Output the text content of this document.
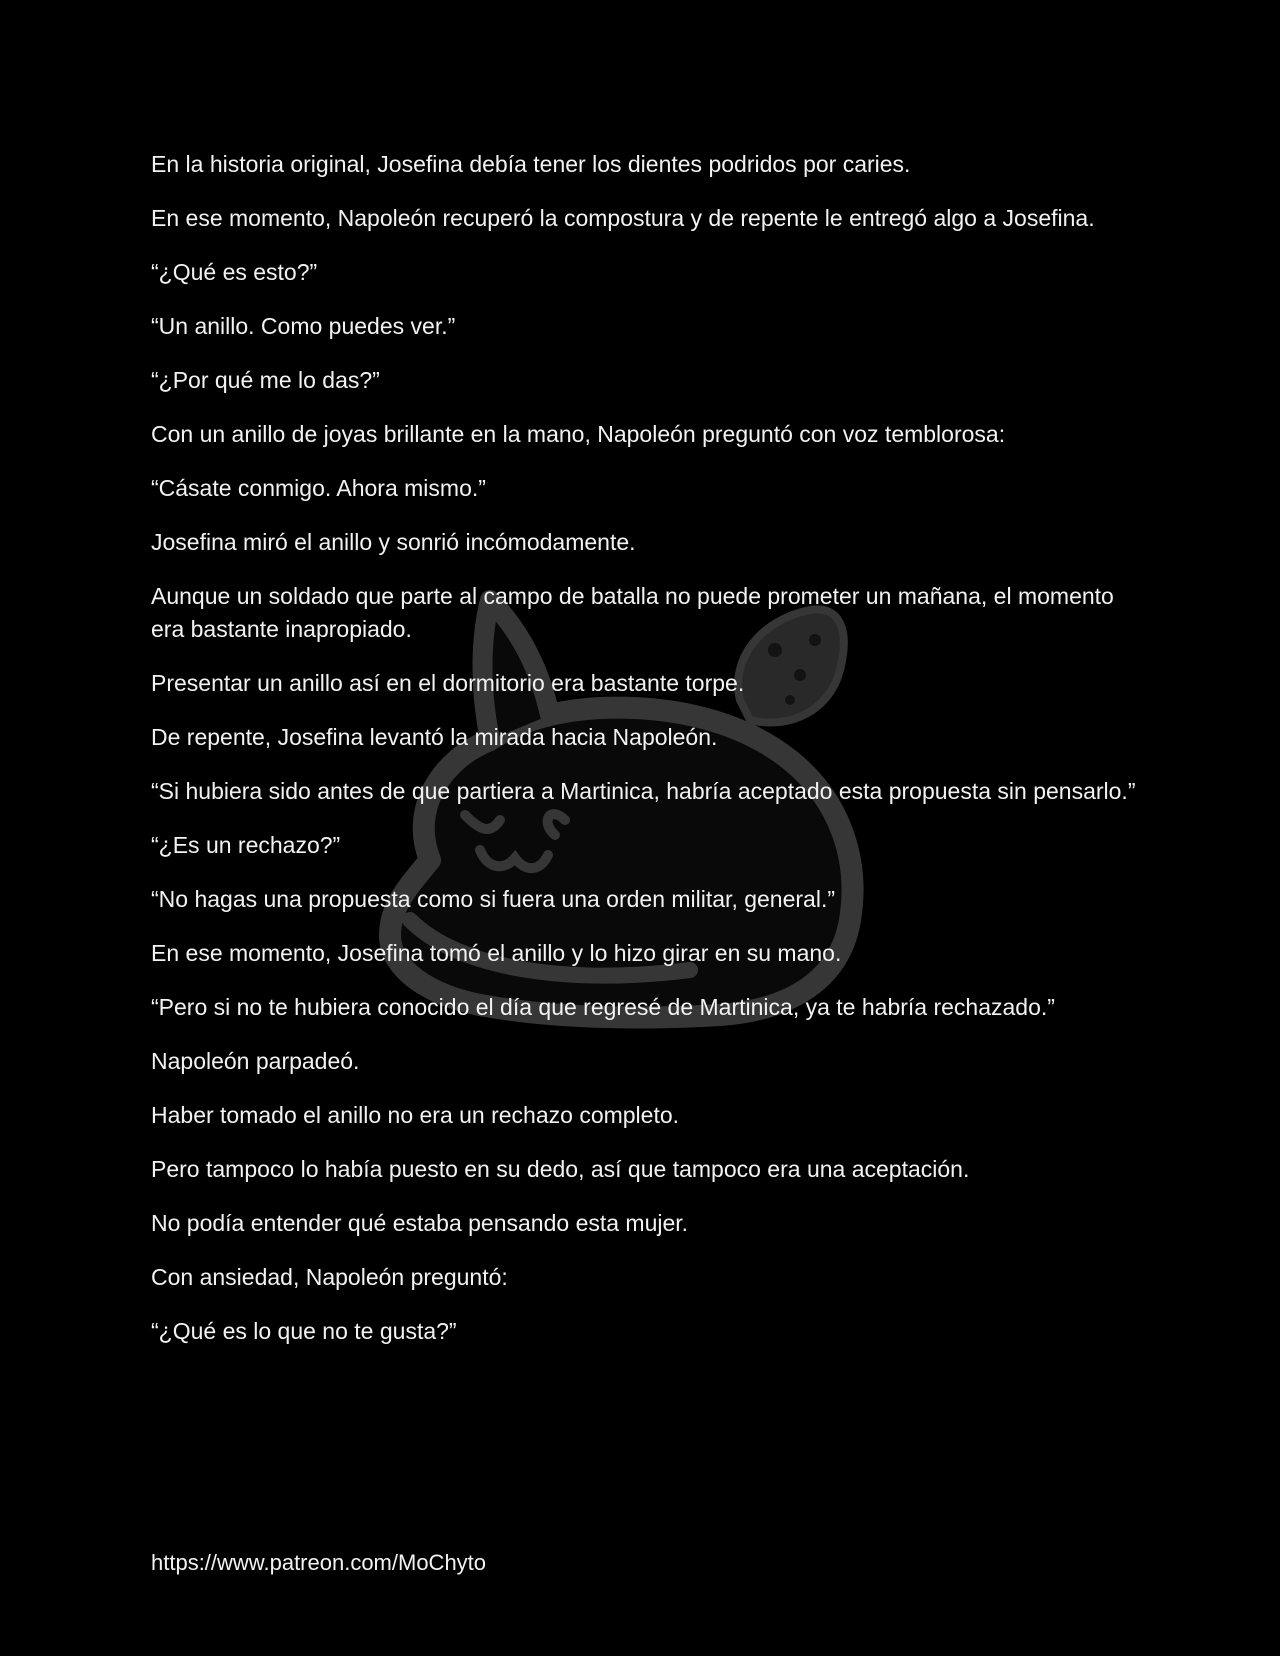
En la historia original, Josefina debía tener los dientes podridos por caries.

En ese momento, Napoleón recuperó la compostura y de repente le entregó algo a Josefina.

“¿Qué es esto?”

“Un anillo. Como puedes ver.”

“¿Por qué me lo das?”

Con un anillo de joyas brillante en la mano, Napoleón preguntó con voz temblorosa:

“Cásate conmigo. Ahora mismo.”

Josefina miró el anillo y sonrió incómodamente.

Aunque un soldado que parte al campo de batalla no puede prometer un mañana, el momento era bastante inapropiado.

Presentar un anillo así en el dormitorio era bastante torpe.

De repente, Josefina levantó la mirada hacia Napoleón.

“Si hubiera sido antes de que partiera a Martinica, habría aceptado esta propuesta sin pensarlo.”

“¿Es un rechazo?”

“No hagas una propuesta como si fuera una orden militar, general.”

En ese momento, Josefina tomó el anillo y lo hizo girar en su mano.

“Pero si no te hubiera conocido el día que regresé de Martinica, ya te habría rechazado.”

Napoleón parpadeó.

Haber tomado el anillo no era un rechazo completo.

Pero tampoco lo había puesto en su dedo, así que tampoco era una aceptación.

No podía entender qué estaba pensando esta mujer.

Con ansiedad, Napoleón preguntó:

“¿Qué es lo que no te gusta?”

https://www.patreon.com/MoChyto
